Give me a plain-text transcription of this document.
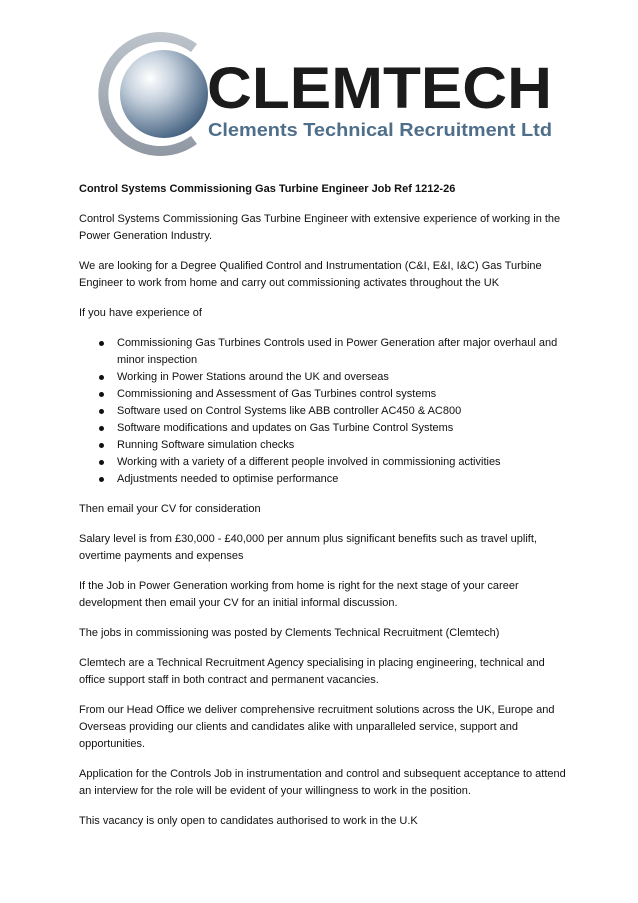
CLEMTECH
Clements Technical Recruitment Ltd

Control Systems Commissioning Gas Turbine Engineer Job Ref 1212-26

Control Systems Commissioning Gas Turbine Engineer with extensive experience of working in the Power Generation Industry.

We are looking for a Degree Qualified Control and Instrumentation (C&I, E&I, I&C) Gas Turbine Engineer to work from home and carry out commissioning activates throughout the UK

If you have experience of

Commissioning Gas Turbines Controls used in Power Generation after major overhaul and minor inspection
Working in Power Stations around the UK and overseas
Commissioning and Assessment of Gas Turbines control systems
Software used on Control Systems like ABB controller AC450 & AC800
Software modifications and updates on Gas Turbine Control Systems
Running Software simulation checks
Working with a variety of a different people involved in commissioning activities
Adjustments needed to optimise performance

Then email your CV for consideration

Salary level is from £30,000 - £40,000 per annum plus significant benefits such as travel uplift, overtime payments and expenses

If the Job in Power Generation working from home is right for the next stage of your career development then email your CV for an initial informal discussion.

The jobs in commissioning was posted by Clements Technical Recruitment (Clemtech)

Clemtech are a Technical Recruitment Agency specialising in placing engineering, technical and office support staff in both contract and permanent vacancies.

From our Head Office we deliver comprehensive recruitment solutions across the UK, Europe and Overseas providing our clients and candidates alike with unparalleled service, support and opportunities.

Application for the Controls Job in instrumentation and control and subsequent acceptance to attend an interview for the role will be evident of your willingness to work in the position.

This vacancy is only open to candidates authorised to work in the U.K
